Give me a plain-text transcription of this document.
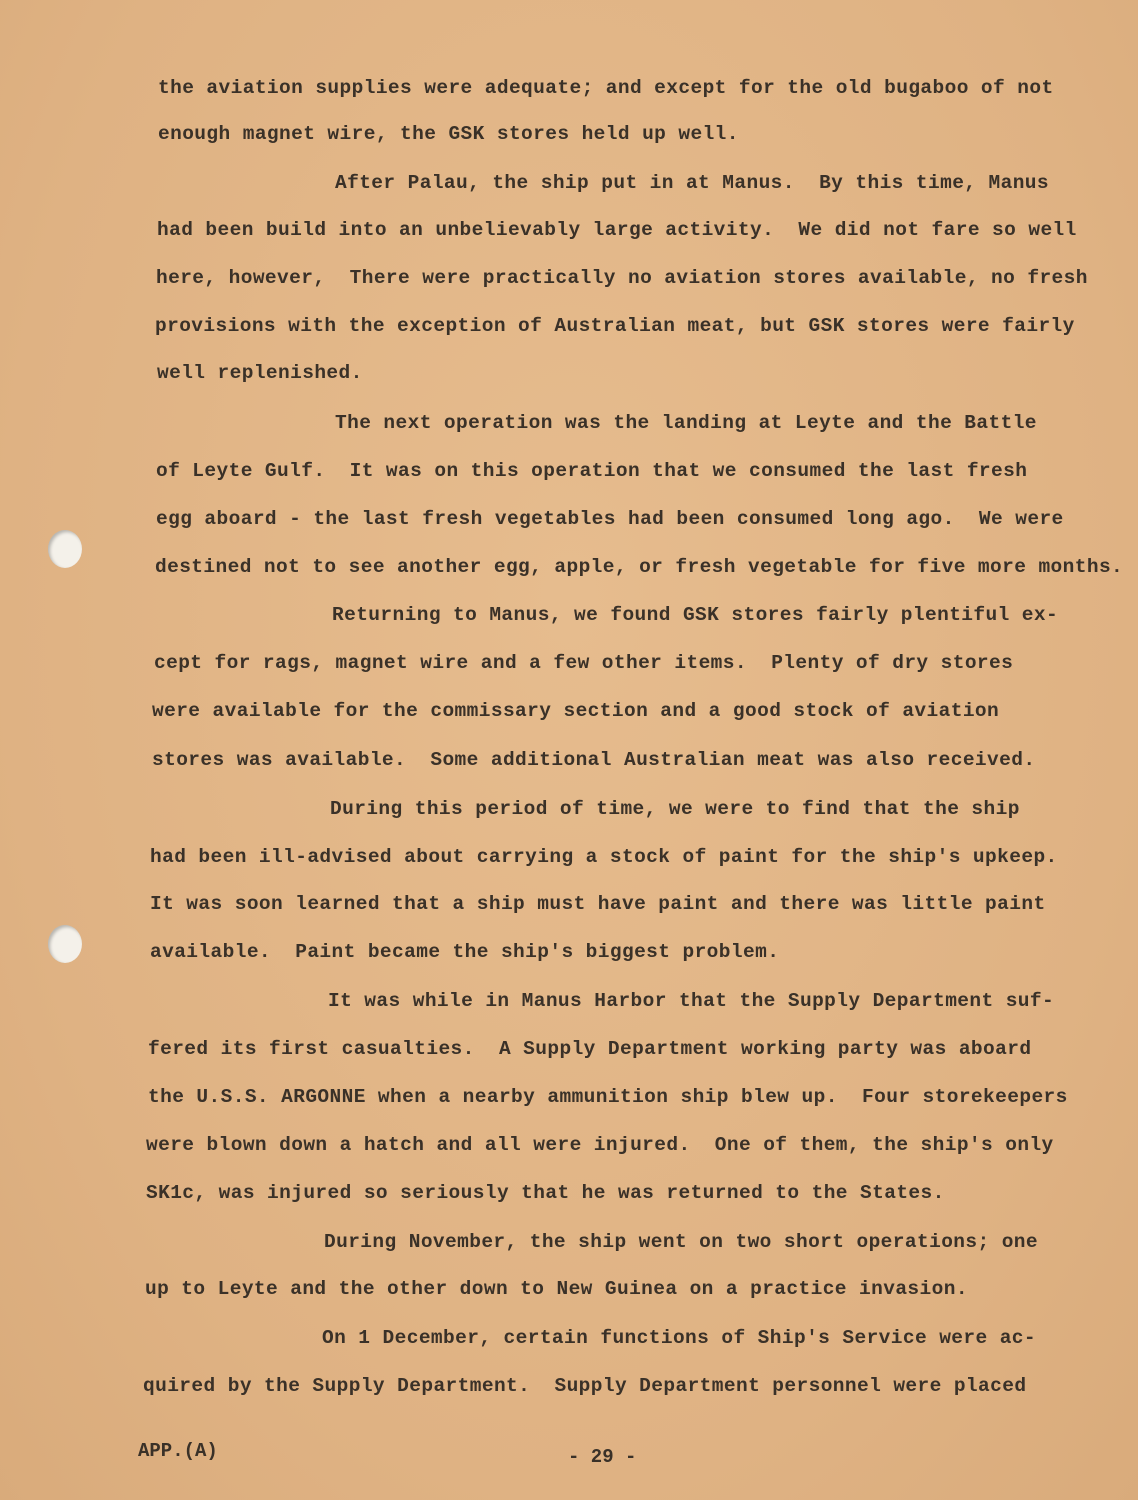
the aviation supplies were adequate; and except for the old bugaboo of not
enough magnet wire, the GSK stores held up well.
After Palau, the ship put in at Manus.  By this time, Manus
had been build into an unbelievably large activity.  We did not fare so well
here, however,  There were practically no aviation stores available, no fresh
provisions with the exception of Australian meat, but GSK stores were fairly
well replenished.
The next operation was the landing at Leyte and the Battle
of Leyte Gulf.  It was on this operation that we consumed the last fresh
egg aboard - the last fresh vegetables had been consumed long ago.  We were
destined not to see another egg, apple, or fresh vegetable for five more months.
Returning to Manus, we found GSK stores fairly plentiful ex-
cept for rags, magnet wire and a few other items.  Plenty of dry stores
were available for the commissary section and a good stock of aviation
stores was available.  Some additional Australian meat was also received.
During this period of time, we were to find that the ship
had been ill-advised about carrying a stock of paint for the ship's upkeep.
It was soon learned that a ship must have paint and there was little paint
available.  Paint became the ship's biggest problem.
It was while in Manus Harbor that the Supply Department suf-
fered its first casualties.  A Supply Department working party was aboard
the U.S.S. ARGONNE when a nearby ammunition ship blew up.  Four storekeepers
were blown down a hatch and all were injured.  One of them, the ship's only
SK1c, was injured so seriously that he was returned to the States.
During November, the ship went on two short operations; one
up to Leyte and the other down to New Guinea on a practice invasion.
On 1 December, certain functions of Ship's Service were ac-
quired by the Supply Department.  Supply Department personnel were placed
APP.(A)	- 29 -
